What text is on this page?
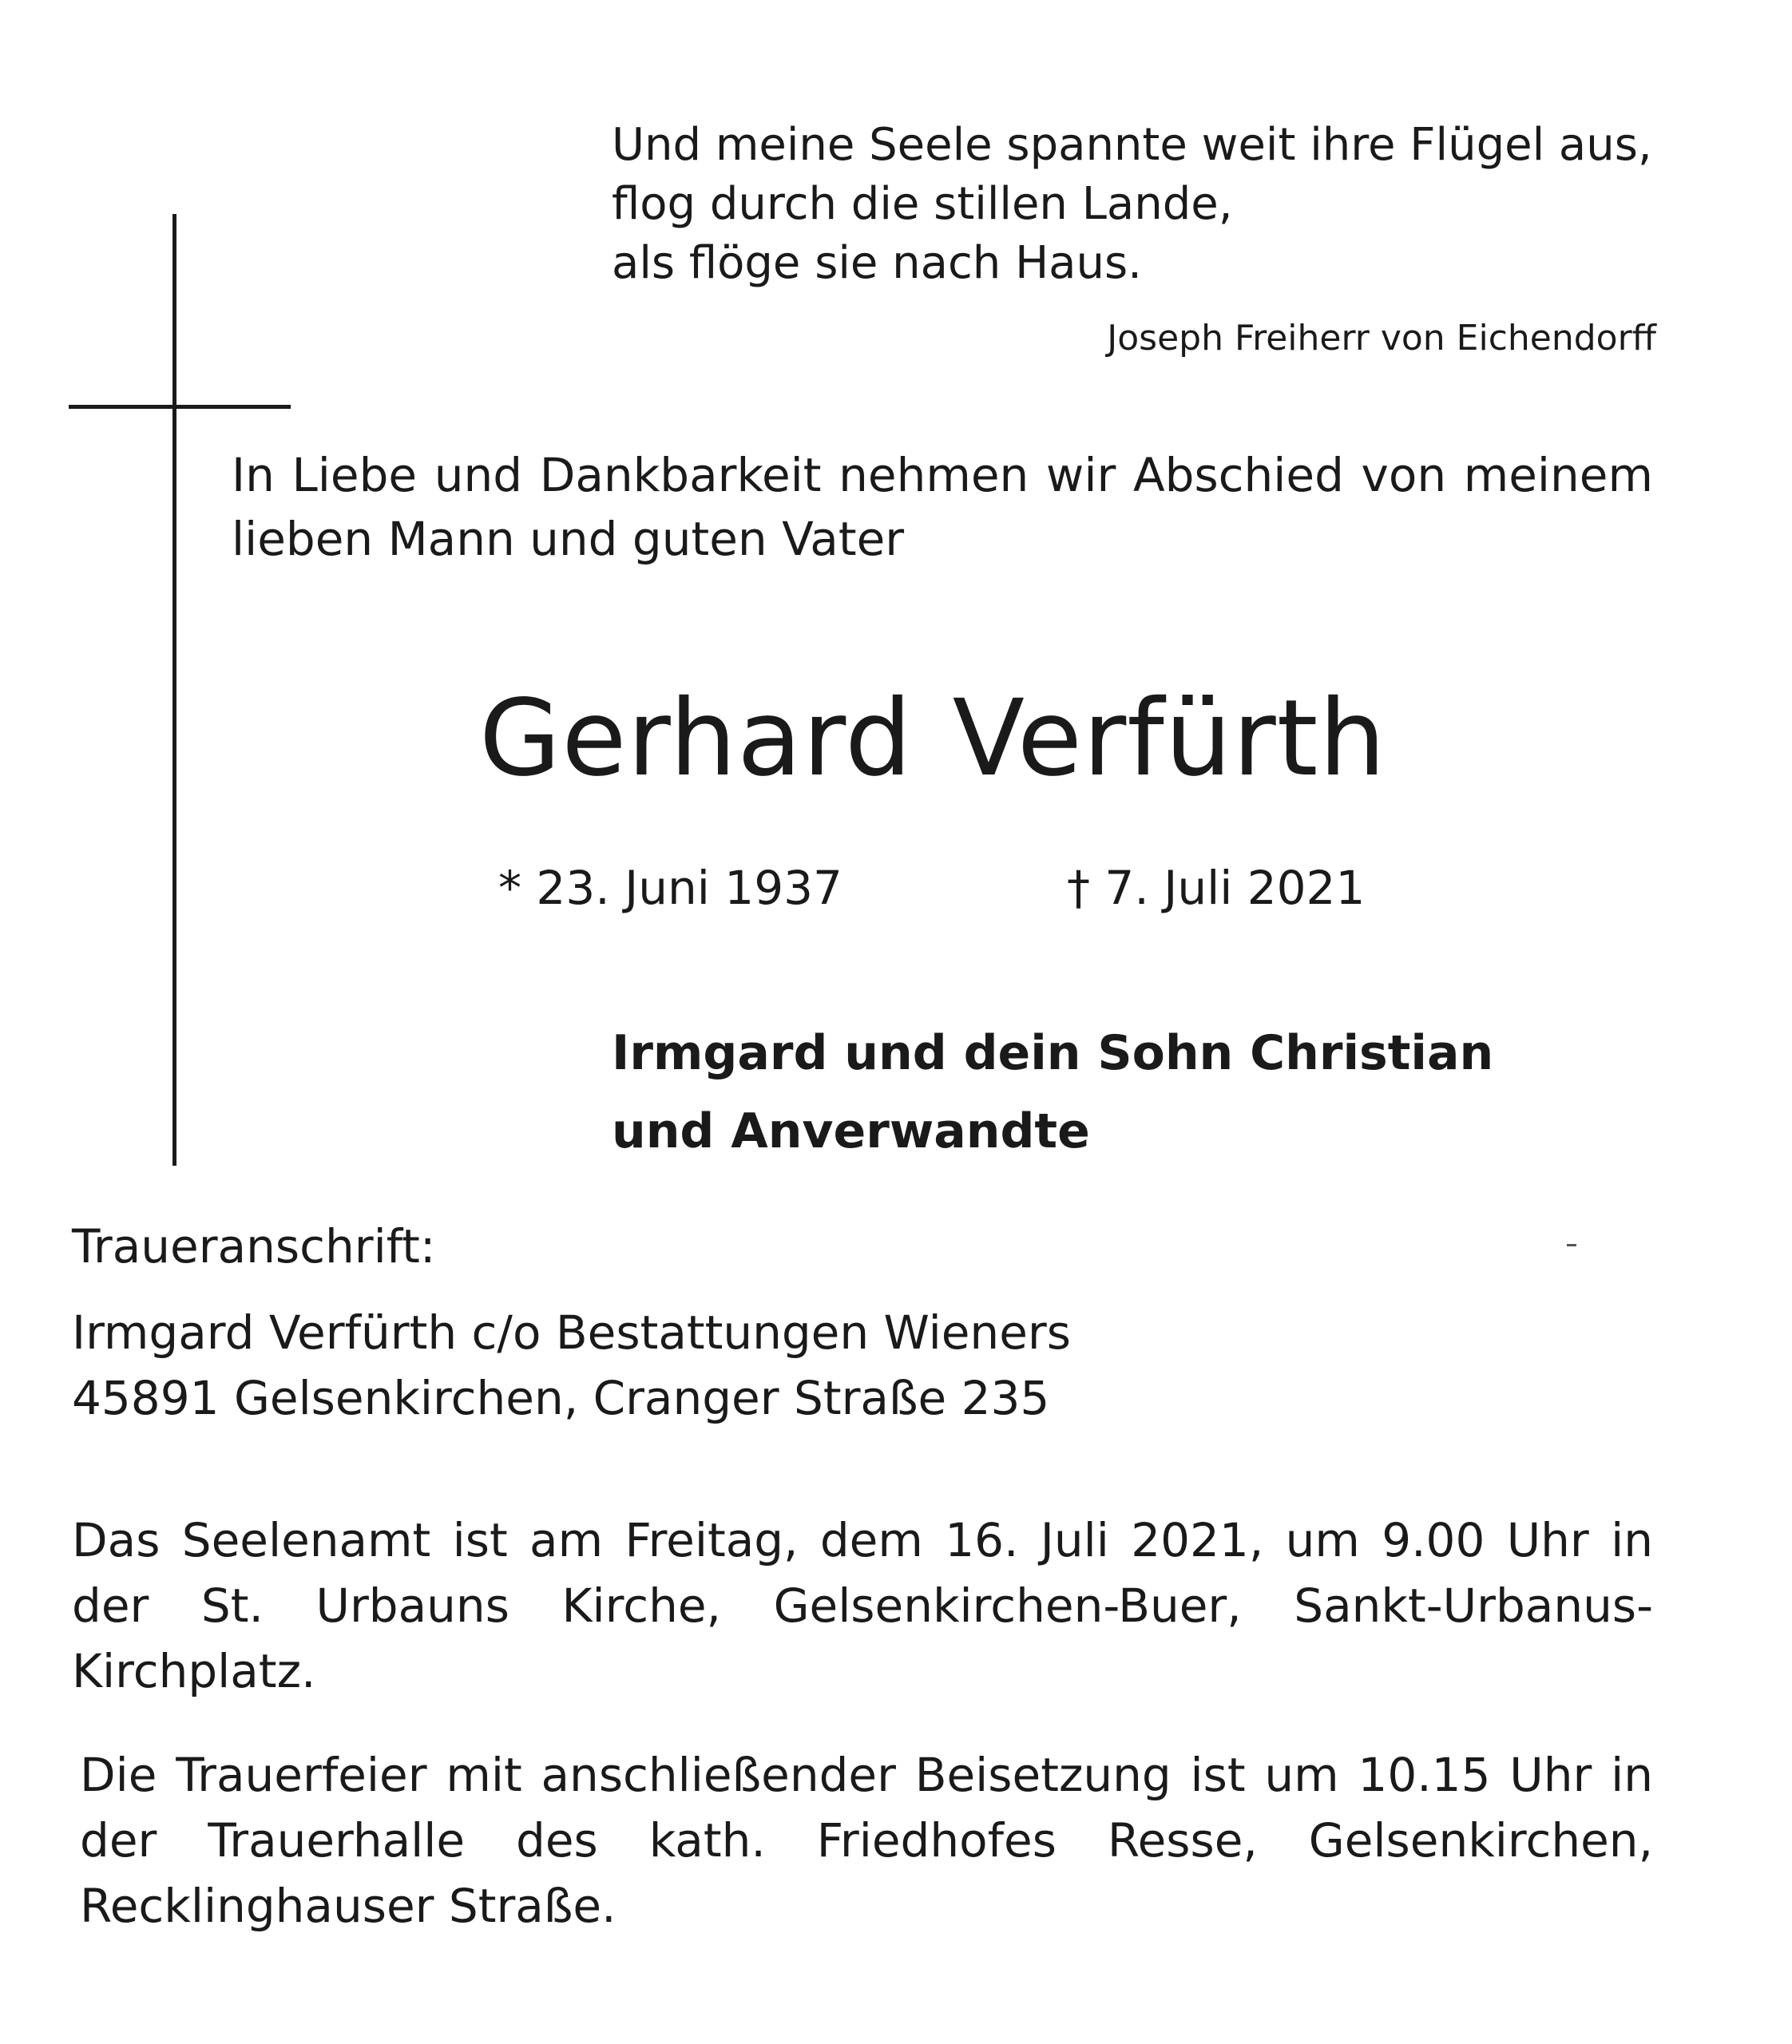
Und meine Seele spannte weit ihre Flügel aus,
flog durch die stillen Lande,
als flöge sie nach Haus.
Joseph Freiherr von Eichendorff
In Liebe und Dankbarkeit nehmen wir Abschied von meinem lieben Mann und guten Vater
Gerhard Verfürth
* 23. Juni 1937	† 7. Juli 2021
Irmgard und dein Sohn Christian
und Anverwandte
Traueranschrift:
Irmgard Verfürth c/o Bestattungen Wieners
45891 Gelsenkirchen, Cranger Straße 235
Das Seelenamt ist am Freitag, dem 16. Juli 2021, um 9.00 Uhr in der St. Urbauns Kirche, Gelsenkirchen-Buer, Sankt-Urbanus-Kirchplatz.
Die Trauerfeier mit anschließender Beisetzung ist um 10.15 Uhr in der Trauerhalle des kath. Friedhofes Resse, Gelsenkirchen, Recklinghauser Straße.
